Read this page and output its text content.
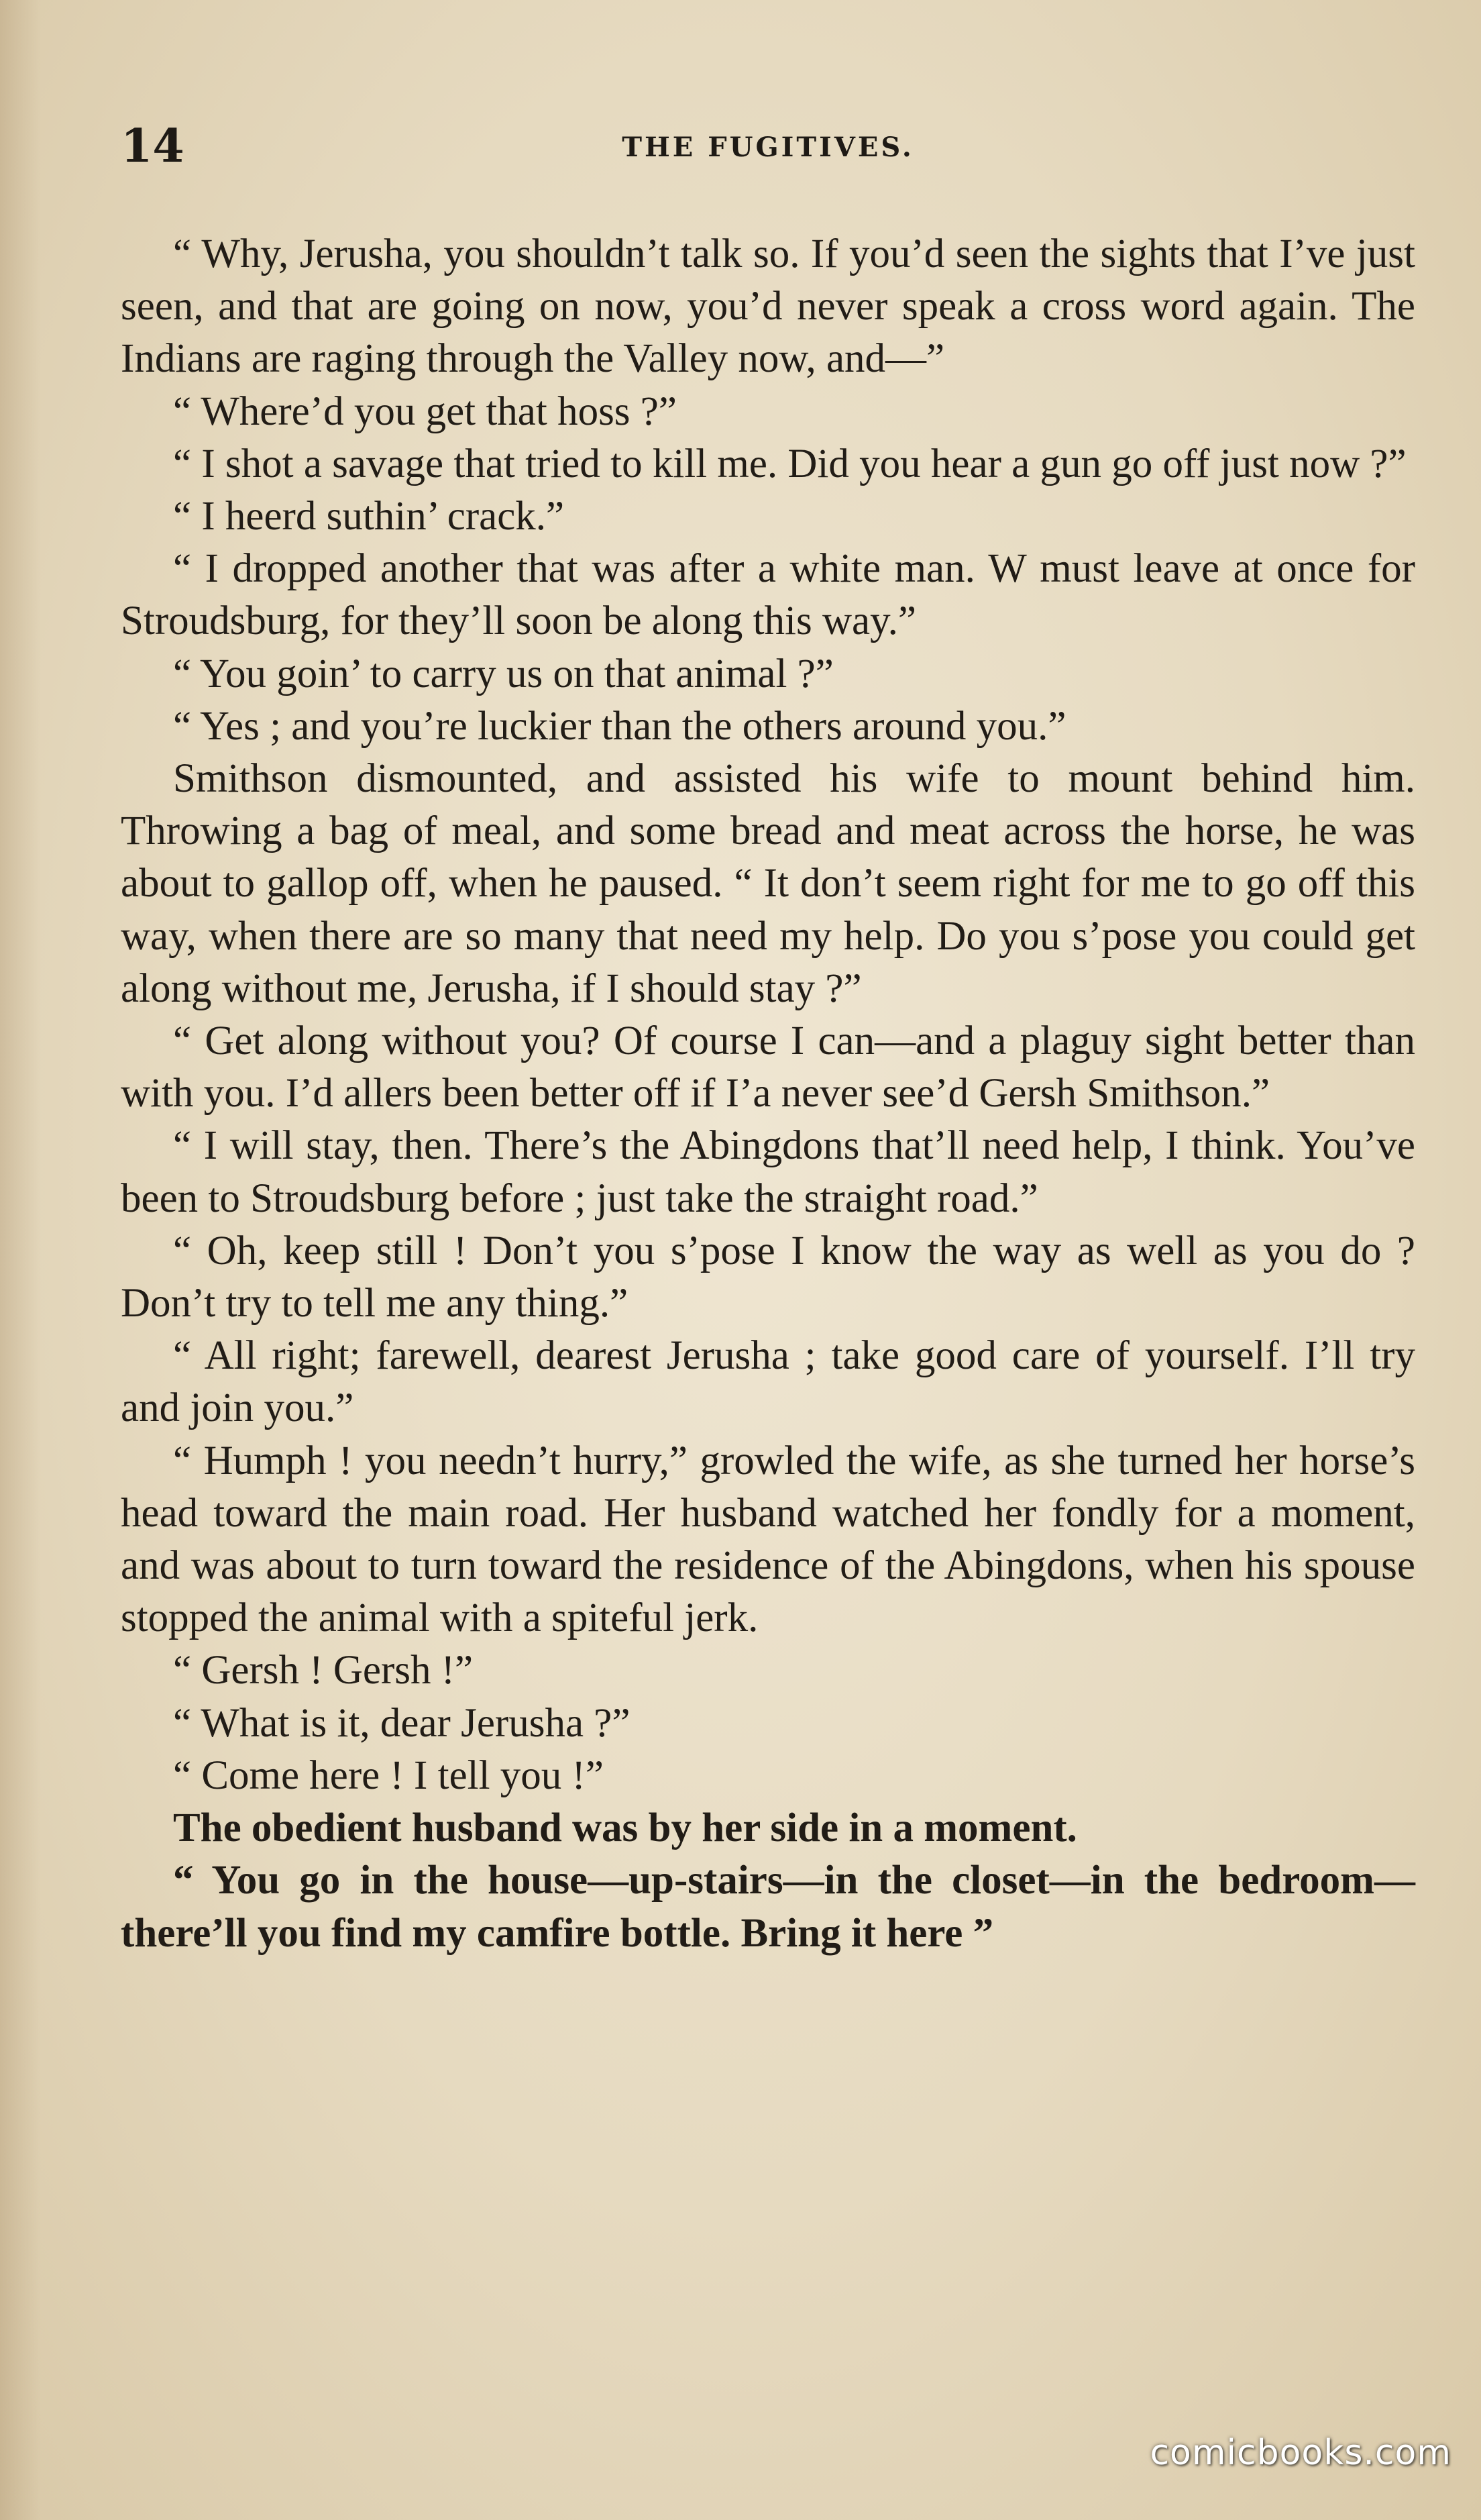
14	THE FUGITIVES.

“ Why, Jerusha, you shouldn’t talk so. If you’d seen the sights that I’ve just seen, and that are going on now, you’d never speak a cross word again. The Indians are raging through the Valley now, and—”

“ Where’d you get that hoss ?”

“ I shot a savage that tried to kill me. Did you hear a gun go off just now ?”

“ I heerd suthin’ crack.”

“ I dropped another that was after a white man. W must leave at once for Stroudsburg, for they’ll soon be along this way.”

“ You goin’ to carry us on that animal ?”

“ Yes ; and you’re luckier than the others around you.”

Smithson dismounted, and assisted his wife to mount behind him. Throwing a bag of meal, and some bread and meat across the horse, he was about to gallop off, when he paused. “ It don’t seem right for me to go off this way, when there are so many that need my help. Do you s’pose you could get along without me, Jerusha, if I should stay ?”

“ Get along without you? Of course I can—and a plaguy sight better than with you. I’d allers been better off if I’a never see’d Gersh Smithson.”

“ I will stay, then. There’s the Abingdons that’ll need help, I think. You’ve been to Stroudsburg before ; just take the straight road.”

“ Oh, keep still ! Don’t you s’pose I know the way as well as you do ? Don’t try to tell me any thing.”

“ All right; farewell, dearest Jerusha ; take good care of yourself. I’ll try and join you.”

“ Humph ! you needn’t hurry,” growled the wife, as she turned her horse’s head toward the main road. Her husband watched her fondly for a moment, and was about to turn toward the residence of the Abingdons, when his spouse stopped the animal with a spiteful jerk.

“ Gersh ! Gersh !”

“ What is it, dear Jerusha ?”

“ Come here ! I tell you !”

The obedient husband was by her side in a moment.

“ You go in the house—up-stairs—in the closet—in the bedroom—there’ll you find my camfire bottle. Bring it here ”

comicbooks.com
